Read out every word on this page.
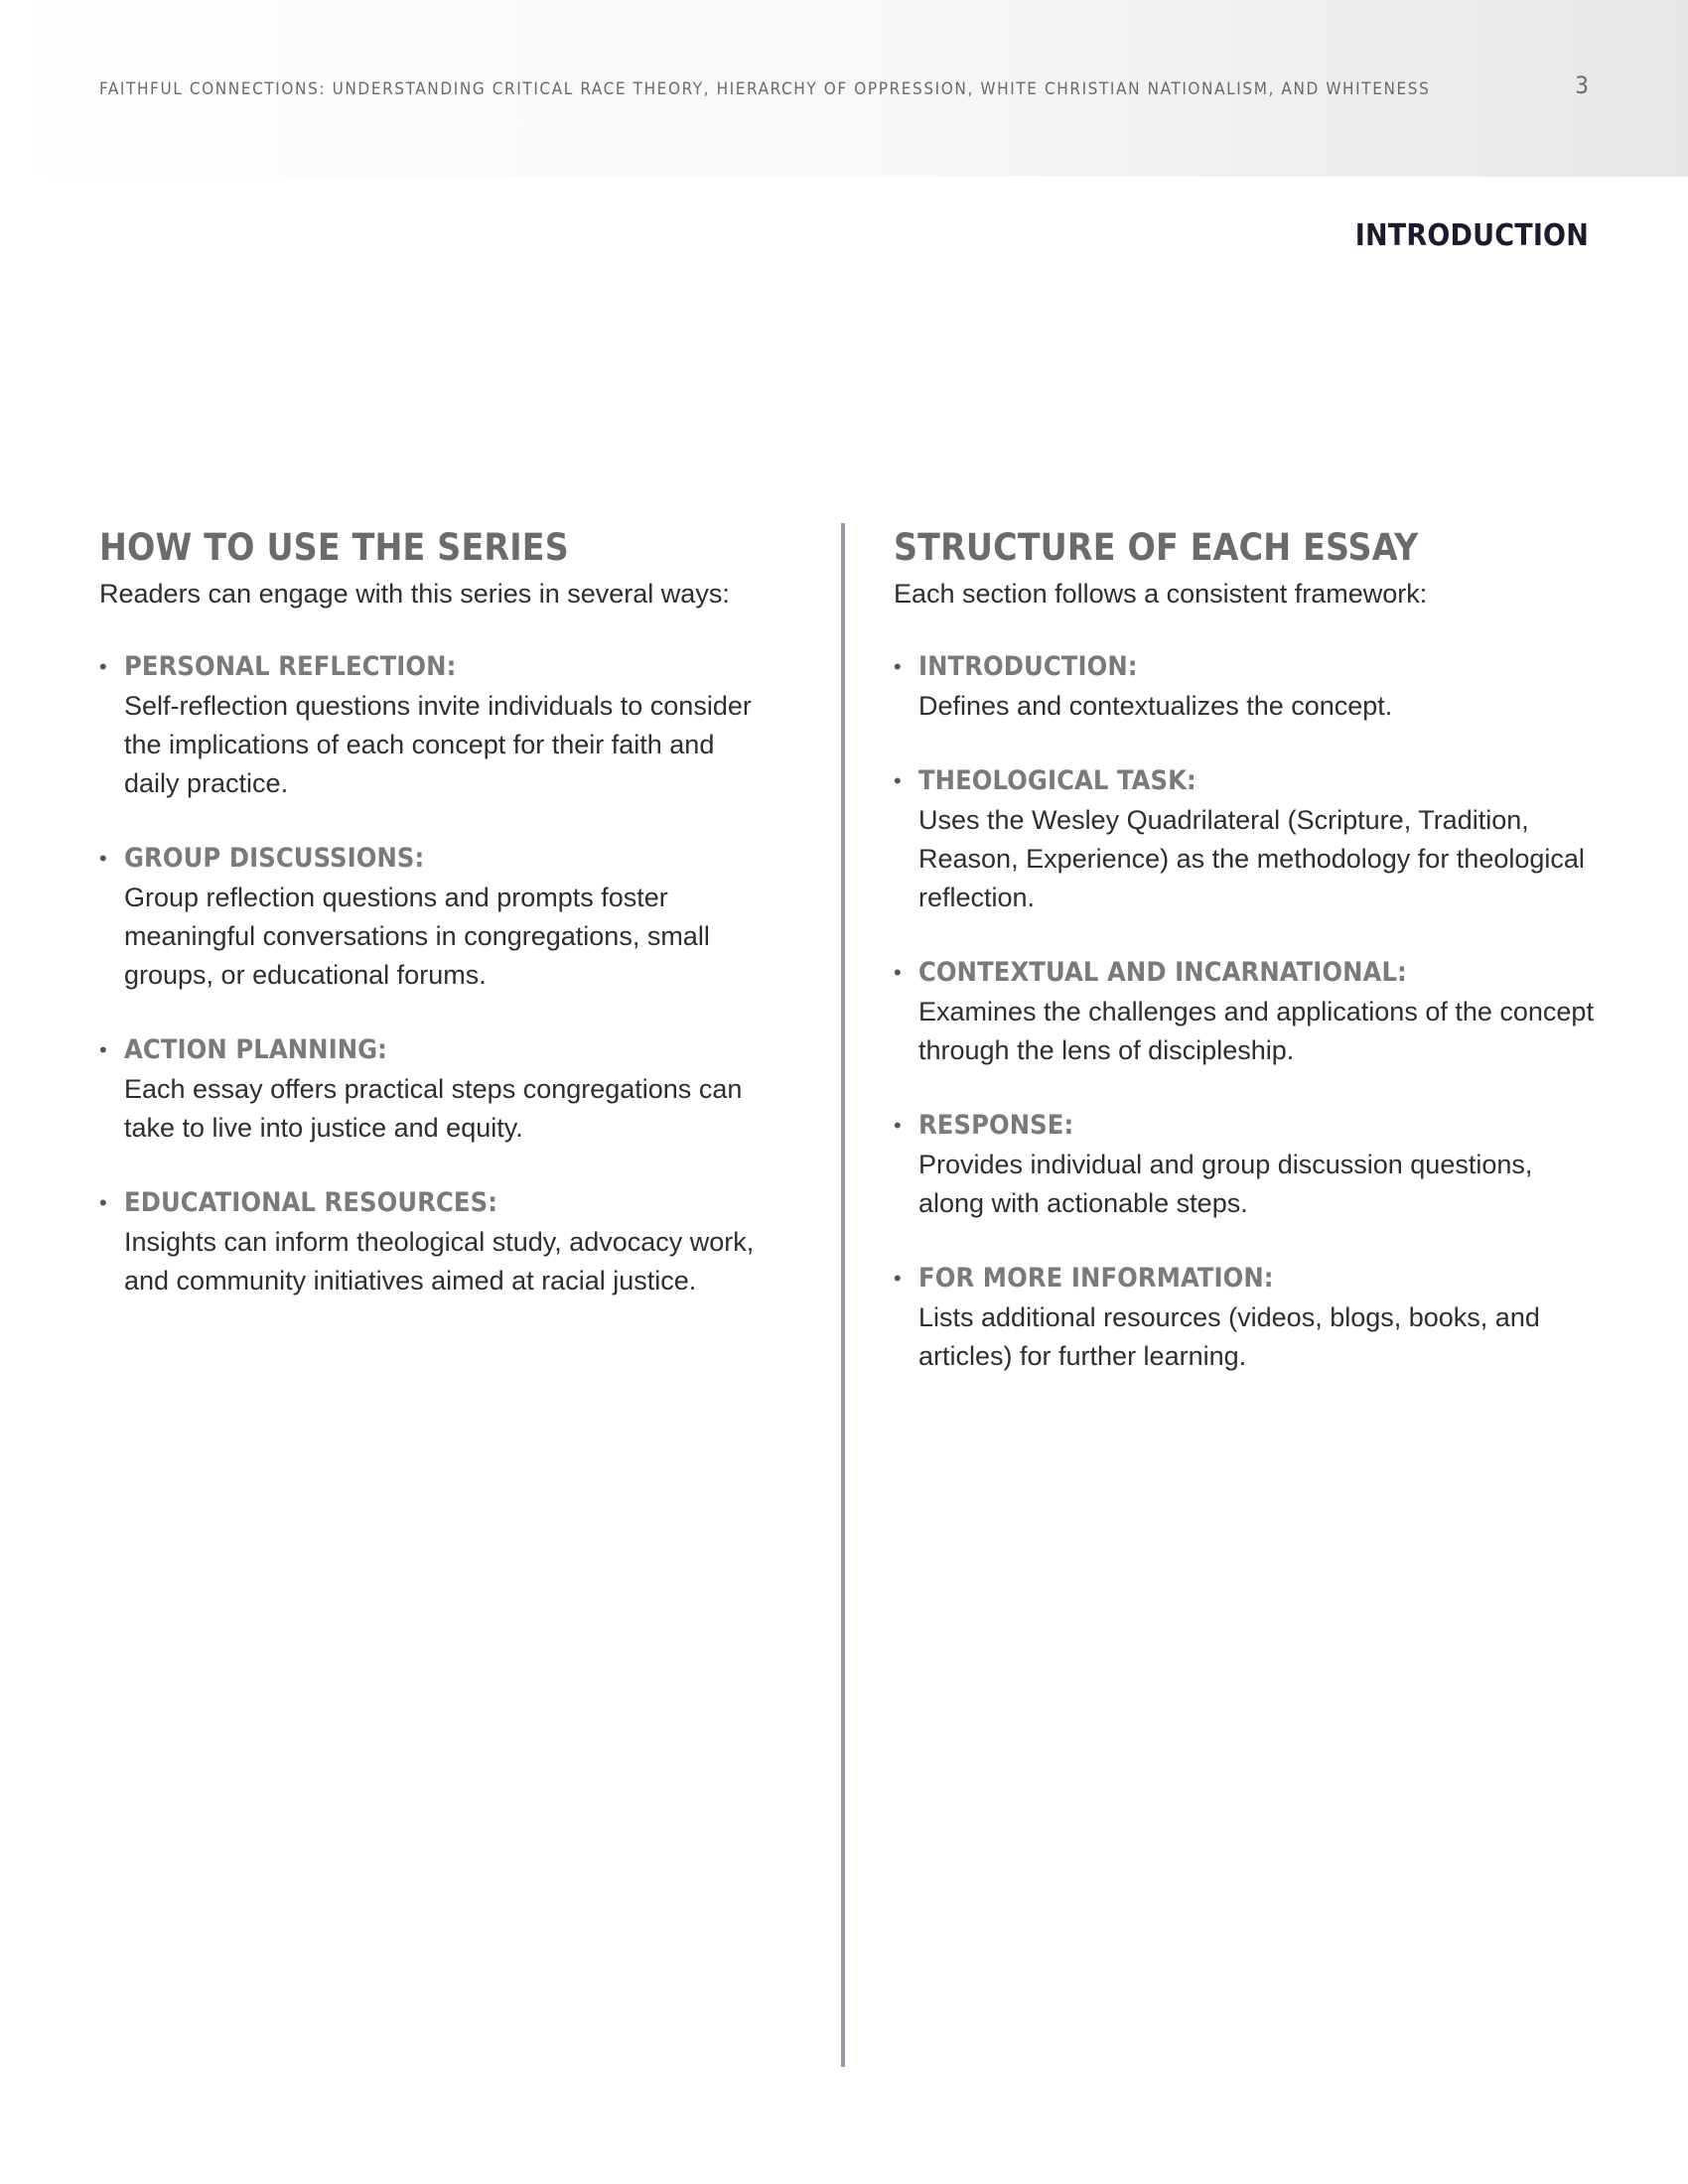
FAITHFUL CONNECTIONS: UNDERSTANDING CRITICAL RACE THEORY, HIERARCHY OF OPPRESSION, WHITE CHRISTIAN NATIONALISM, AND WHITENESS	3
INTRODUCTION
HOW TO USE THE SERIES

Readers can engage with this series in several ways:

• PERSONAL REFLECTION:
Self-reflection questions invite individuals to consider the implications of each concept for their faith and daily practice.
• GROUP DISCUSSIONS:
Group reflection questions and prompts foster meaningful conversations in congregations, small groups, or educational forums.
• ACTION PLANNING:
Each essay offers practical steps congregations can take to live into justice and equity.
• EDUCATIONAL RESOURCES:
Insights can inform theological study, advocacy work, and community initiatives aimed at racial justice.
STRUCTURE OF EACH ESSAY

Each section follows a consistent framework:

• INTRODUCTION:
Defines and contextualizes the concept.
• THEOLOGICAL TASK:
Uses the Wesley Quadrilateral (Scripture, Tradition, Reason, Experience) as the methodology for theological reflection.
• CONTEXTUAL AND INCARNATIONAL:
Examines the challenges and applications of the concept through the lens of discipleship.
• RESPONSE:
Provides individual and group discussion questions, along with actionable steps.
• FOR MORE INFORMATION:
Lists additional resources (videos, blogs, books, and articles) for further learning.
